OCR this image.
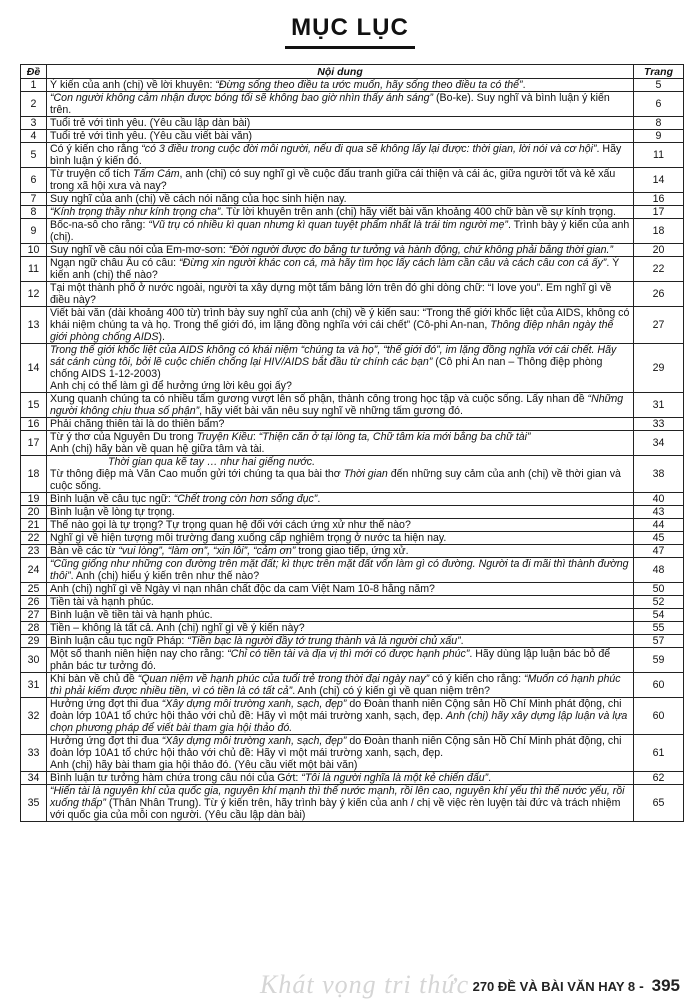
MỤC LỤC
Đề	Nội dung	Trang
1	Ý kiến của anh (chị) về lời khuyên: “Đừng sống theo điều ta ước muốn, hãy sống theo điều ta có thể”.	5
2	“Con người không cảm nhận được bóng tối sẽ không bao giờ nhìn thấy ánh sáng” (Bo-ke). Suy nghĩ và bình luận ý kiến trên.	6
3	Tuổi trẻ với tình yêu. (Yêu cầu lập dàn bài)	8
4	Tuổi trẻ với tình yêu. (Yêu cầu viết bài văn)	9
5	Có ý kiến cho rằng “có 3 điều trong cuộc đời mỗi người, nếu đi qua sẽ không lấy lại được: thời gian, lời nói và cơ hội”. Hãy bình luận ý kiến đó.	11
6	Từ truyện cổ tích Tấm Cám, anh (chị) có suy nghĩ gì về cuộc đấu tranh giữa cái thiện và cái ác, giữa người tốt và kẻ xấu trong xã hội xưa và nay?	14
7	Suy nghĩ của anh (chị) về cách nói năng của học sinh hiện nay.	16
8	“Kính trọng thầy như kính trọng cha”. Từ lời khuyên trên anh (chị) hãy viết bài văn khoảng 400 chữ bàn về sự kính trọng.	17
9	Bốc-na-sô cho rằng: “Vũ trụ có nhiều kì quan nhưng kì quan tuyệt phẩm nhất là trái tim người mẹ”. Trình bày ý kiến của anh (chị).	18
10	Suy nghĩ về câu nói của Em-mơ-sơn: “Đời người được đo bằng tư tưởng và hành động, chứ không phải bằng thời gian.”	20
11	Ngạn ngữ châu Âu có câu: “Đừng xin người khác con cá, mà hãy tìm học lấy cách làm cần câu và cách câu con cá ấy”. Ý kiến anh (chị) thế nào?	22
12	Tại một thành phố ở nước ngoài, người ta xây dựng một tấm bảng lớn trên đó ghi dòng chữ: “I love you”. Em nghĩ gì về điều này?	26
13	Viết bài văn (dài khoảng 400 từ) trình bày suy nghĩ của anh (chị) về ý kiến sau: “Trong thế giới khốc liệt của AIDS, không có khái niệm chúng ta và họ. Trong thế giới đó, im lặng đồng nghĩa với cái chết” (Cô-phi An-nan, Thông điệp nhân ngày thế giới phòng chống AIDS).	27
14	Trong thế giới khốc liệt của AIDS không có khái niệm “chúng ta và họ”, “thế giới đó”, im lặng đồng nghĩa với cái chết. Hãy sát cánh cùng tôi, bởi lẽ cuộc chiến chống lại HIV/AIDS bắt đầu từ chính các bạn” (Cô phi An nan – Thông điệp phòng chống AIDS 1-12-2003)
Anh chị có thể làm gì để hưởng ứng lời kêu gọi ấy?	29
15	Xung quanh chúng ta có nhiều tấm gương vượt lên số phận, thành công trong học tập và cuộc sống. Lấy nhan đề “Những người không chịu thua số phận”, hãy viết bài văn nêu suy nghĩ về những tấm gương đó.	31
16	Phải chăng thiên tài là do thiên bẩm?	33
17	Từ ý thơ của Nguyễn Du trong Truyện Kiều: “Thiện căn ở tại lòng ta, Chữ tâm kia mới bằng ba chữ tài”
Anh (chị) hãy bàn về quan hệ giữa tâm và tài.	34
18	Thời gian qua kẽ tay … như hai giếng nước.
Từ thông điệp mà Văn Cao muốn gửi tới chúng ta qua bài thơ Thời gian đến những suy cảm của anh (chị) về thời gian và cuộc sống.	38
19	Bình luận về câu tục ngữ: “Chết trong còn hơn sống đục”.	40
20	Bình luận về lòng tự trọng.	43
21	Thế nào gọi là tự trọng? Tự trọng quan hệ đối với cách ứng xử như thế nào?	44
22	Nghĩ gì về hiện tượng môi trường đang xuống cấp nghiêm trọng ở nước ta hiện nay.	45
23	Bàn về các từ “vui lòng”, “làm ơn”, “xin lỗi”, “cảm ơn” trong giao tiếp, ứng xử.	47
24	“Cũng giống như những con đường trên mặt đất; kì thực trên mặt đất vốn làm gì có đường. Người ta đi mãi thì thành đường thôi”. Anh (chị) hiểu ý kiến trên như thế nào?	48
25	Anh (chị) nghĩ gì về Ngày vì nạn nhân chất độc da cam Việt Nam 10-8 hằng năm?	50
26	Tiền tài và hạnh phúc.	52
27	Bình luận về tiền tài và hạnh phúc.	54
28	Tiền – không là tất cả. Anh (chị) nghĩ gì về ý kiến này?	55
29	Bình luận câu tục ngữ Pháp: “Tiền bạc là người đầy tớ trung thành và là người chủ xấu”.	57
30	Một số thanh niên hiện nay cho rằng: “Chỉ có tiền tài và địa vị thì mới có được hạnh phúc”. Hãy dùng lập luận bác bỏ để phản bác tư tưởng đó.	59
31	Khi bàn về chủ đề “Quan niệm về hạnh phúc của tuổi trẻ trong thời đại ngày nay” có ý kiến cho rằng: “Muốn có hạnh phúc thì phải kiếm được nhiều tiền, vì có tiền là có tất cả”. Anh (chị) có ý kiến gì về quan niệm trên?	60
32	Hưởng ứng đợt thi đua “Xây dựng môi trường xanh, sạch, đẹp” do Đoàn thanh niên Cộng sản Hồ Chí Minh phát động, chi đoàn lớp 10A1 tổ chức hội thảo với chủ đề: Hãy vì một mái trường xanh, sạch, đẹp. Anh (chị) hãy xây dựng lập luận và lựa chọn phương pháp để viết bài tham gia hội thảo đó.	60
33	Hưởng ứng đợt thi đua “Xây dựng môi trường xanh, sạch, đẹp” do Đoàn thanh niên Cộng sản Hồ Chí Minh phát động, chi đoàn lớp 10A1 tổ chức hội thảo với chủ đề: Hãy vì một mái trường xanh, sạch, đẹp.
Anh (chị) hãy bài tham gia hội thảo đó. (Yêu cầu viết một bài văn)	61
34	Bình luận tư tưởng hàm chứa trong câu nói của Gớt: “Tôi là người nghĩa là một kẻ chiến đấu”.	62
35	“Hiến tài là nguyên khí của quốc gia, nguyên khí mạnh thì thế nước mạnh, rồi lên cao, nguyên khí yếu thì thế nước yếu, rồi xuống thấp” (Thân Nhân Trung). Từ ý kiến trên, hãy trình bày ý kiến của anh / chị về việc rèn luyện tài đức và trách nhiệm với quốc gia của mỗi con người. (Yêu cầu lập dàn bài)	65
Khát vọng tri thức 270 ĐỀ VÀ BÀI VĂN HAY 8 - 395
